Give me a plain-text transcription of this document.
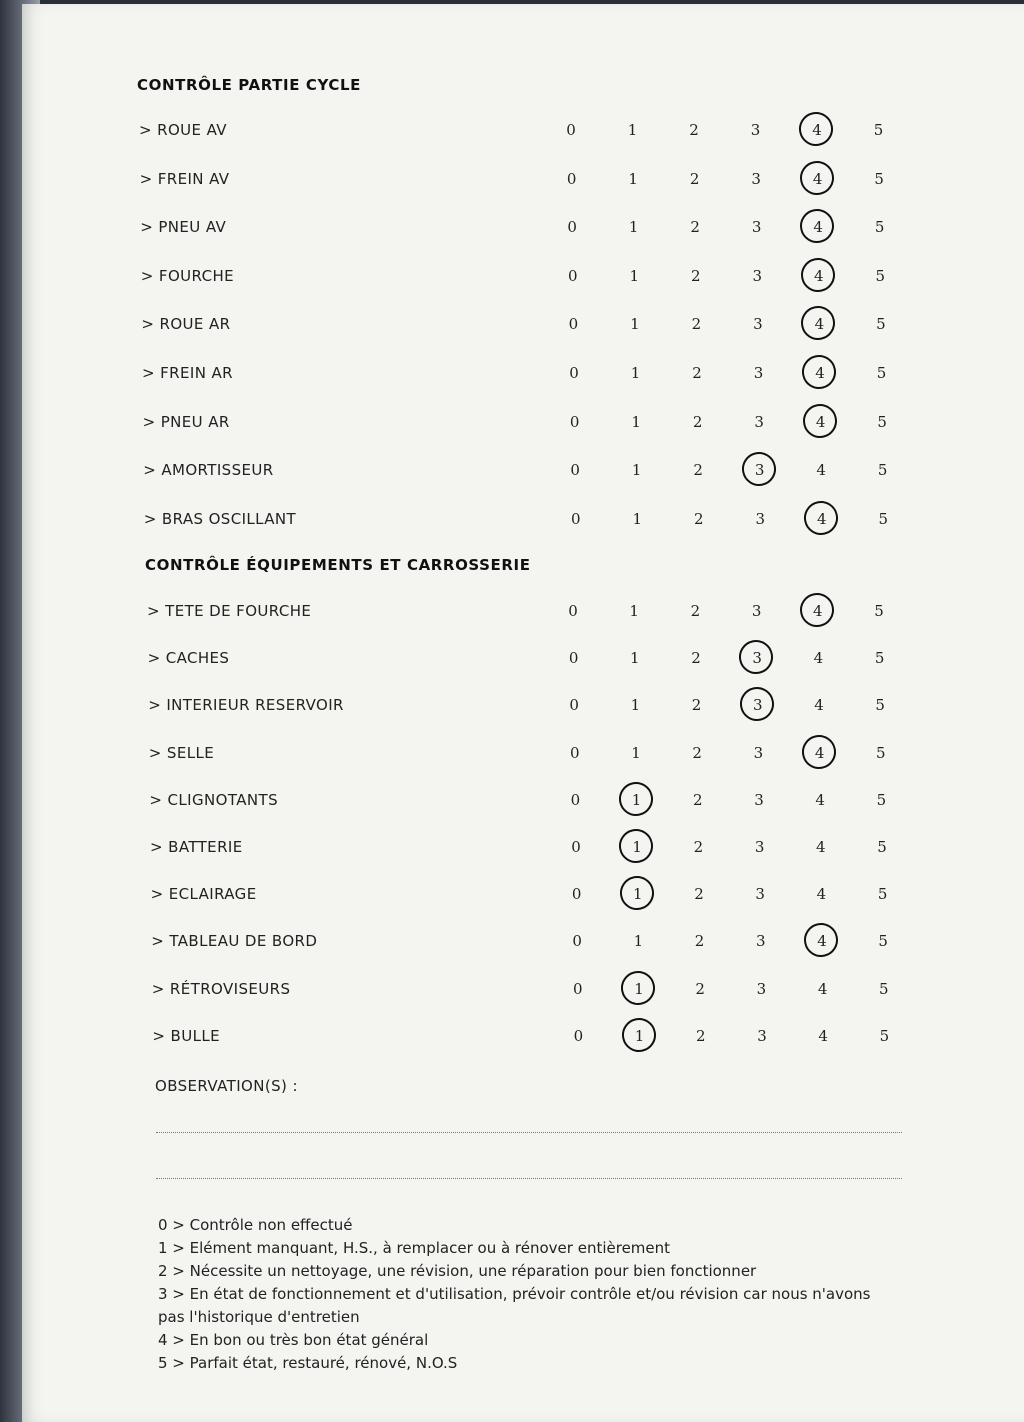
CONTRÔLE PARTIE CYCLE
> ROUE AV	0	1	2	3	4	5
> FREIN AV	0	1	2	3	4	5
> PNEU AV	0	1	2	3	4	5
> FOURCHE	0	1	2	3	4	5
> ROUE AR	0	1	2	3	4	5
> FREIN AR	0	1	2	3	4	5
> PNEU AR	0	1	2	3	4	5
> AMORTISSEUR	0	1	2	3	4	5
> BRAS OSCILLANT	0	1	2	3	4	5
CONTRÔLE ÉQUIPEMENTS ET CARROSSERIE
> TETE DE FOURCHE	0	1	2	3	4	5
> CACHES	0	1	2	3	4	5
> INTERIEUR RESERVOIR	0	1	2	3	4	5
> SELLE	0	1	2	3	4	5
> CLIGNOTANTS	0	1	2	3	4	5
> BATTERIE	0	1	2	3	4	5
> ECLAIRAGE	0	1	2	3	4	5
> TABLEAU DE BORD	0	1	2	3	4	5
> RÉTROVISEURS	0	1	2	3	4	5
> BULLE	0	1	2	3	4	5
OBSERVATION(S) :
0 > Contrôle non effectué
1 > Elément manquant, H.S., à remplacer ou à rénover entièrement
2 > Nécessite un nettoyage, une révision, une réparation pour bien fonctionner
3 > En état de fonctionnement et d'utilisation, prévoir contrôle et/ou révision car nous n'avons pas l'historique d'entretien
4 > En bon ou très bon état général
5 > Parfait état, restauré, rénové, N.O.S
